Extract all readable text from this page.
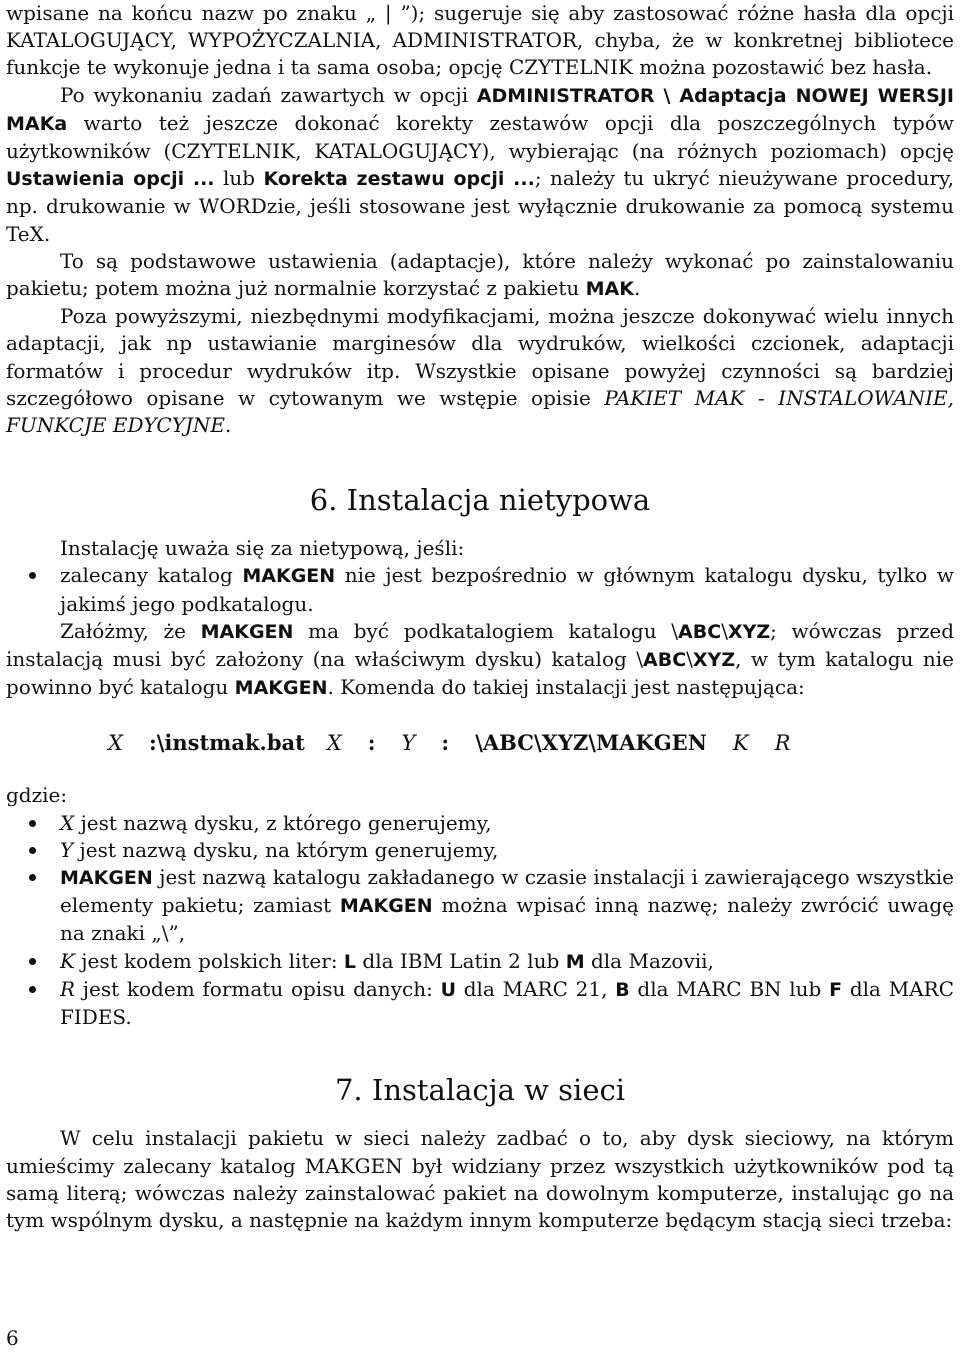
wpisane na końcu nazw po znaku „ | ”); sugeruje się aby zastosować różne hasła dla opcji KATALOGUJĄCY, WYPOŻYCZALNIA, ADMINISTRATOR, chyba, że w konkretnej bibliotece funkcje te wykonuje jedna i ta sama osoba; opcję CZYTELNIK można pozostawić bez hasła.

Po wykonaniu zadań zawartych w opcji ADMINISTRATOR \ Adaptacja NOWEJ WERSJI MAKa warto też jeszcze dokonać korekty zestawów opcji dla poszczególnych typów użytkowników (CZYTELNIK, KATALOGUJĄCY), wybierając (na różnych poziomach) opcję Ustawienia opcji ... lub Korekta zestawu opcji ...; należy tu ukryć nieużywane procedury, np. drukowanie w WORDzie, jeśli stosowane jest wyłącznie drukowanie za pomocą systemu TeX.

To są podstawowe ustawienia (adaptacje), które należy wykonać po zainstalowaniu pakietu; potem można już normalnie korzystać z pakietu MAK.

Poza powyższymi, niezbędnymi modyfikacjami, można jeszcze dokonywać wielu innych adaptacji, jak np ustawianie marginesów dla wydruków, wielkości czcionek, adaptacji formatów i procedur wydruków itp. Wszystkie opisane powyżej czynności są bardziej szczegółowo opisane w cytowanym we wstępie opisie PAKIET MAK - INSTALOWANIE, FUNKCJE EDYCYJNE.

6. Instalacja nietypowa

Instalację uważa się za nietypową, jeśli:

zalecany katalog MAKGEN nie jest bezpośrednio w głównym katalogu dysku, tylko w jakimś jego podkatalogu.

Załóżmy, że MAKGEN ma być podkatalogiem katalogu \ABC\XYZ; wówczas przed instalacją musi być założony (na właściwym dysku) katalog \ABC\XYZ, w tym katalogu nie powinno być katalogu MAKGEN. Komenda do takiej instalacji jest następująca:

X :\instmak.bat X : Y : \ABC\XYZ\MAKGEN K R

gdzie:

X jest nazwą dysku, z którego generujemy,
Y jest nazwą dysku, na którym generujemy,
MAKGEN jest nazwą katalogu zakładanego w czasie instalacji i zawierającego wszystkie elementy pakietu; zamiast MAKGEN można wpisać inną nazwę; należy zwrócić uwagę na znaki „\”,
K jest kodem polskich liter: L dla IBM Latin 2 lub M dla Mazovii,
R jest kodem formatu opisu danych: U dla MARC 21, B dla MARC BN lub F dla MARC FIDES.
7. Instalacja w sieci

W celu instalacji pakietu w sieci należy zadbać o to, aby dysk sieciowy, na którym umieścimy zalecany katalog MAKGEN był widziany przez wszystkich użytkowników pod tą samą literą; wówczas należy zainstalować pakiet na dowolnym komputerze, instalując go na tym wspólnym dysku, a następnie na każdym innym komputerze będącym stacją sieci trzeba:

6
